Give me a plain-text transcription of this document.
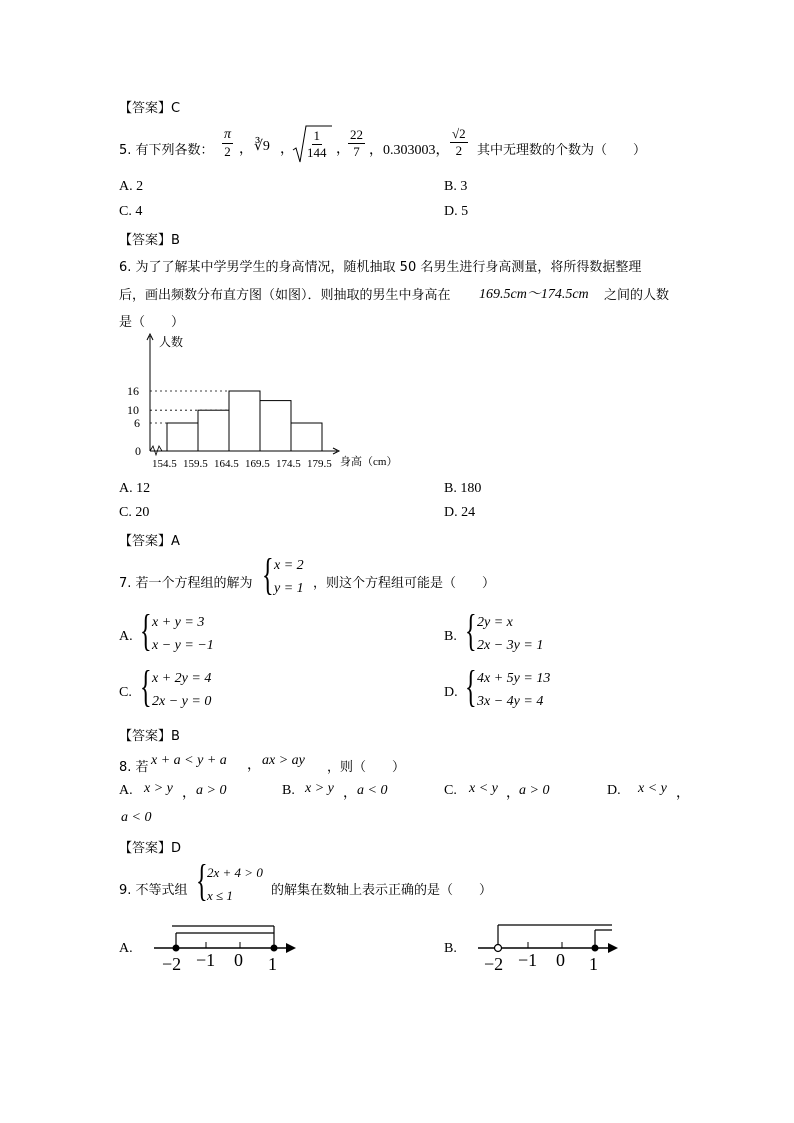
【答案】C
5. 有下列各数： $\frac{\pi}{2}$ ， ∛9 ， $\frac{1}{144}$ ，
$\frac{22}{7}$ ，0.303003， $\frac{√2}{2}$ 其中无理数的个数为（　　）
A. 2	B. 3
C. 4	D. 5
【答案】B
6. 为了了解某中学男学生的身高情况，随机抽取 50 名男生进行身高测量，将所得数据整理
后，画出频数分布直方图（如图）．则抽取的男生中身高在 169.5cm～174.5cm 之间的人数
是（　　）
人数
身高（cm）
0
6
10
16
154.5 159.5 164.5 169.5 174.5 179.5
A. 12	B. 180
C. 20	D. 24
【答案】A
7. 若一个方程组的解为 { x = 2
y = 1 ，则这个方程组可能是（　　）
A. { x + y = 3
x − y = −1
B. { 2y = x
2x − 3y = 1
C. { x + 2y = 4
2x − y = 0
D. { 4x + 5y = 13
3x − 4y = 4
【答案】B
8. 若 x + a < y + a ， ax > ay ，则（　　）
A. x > y ， a > 0	B. x > y ， a < 0	C. x < y ， a > 0	D. x < y ，
a < 0
【答案】D
9. 不等式组 { 2x + 4 > 0
x ≤ 1	的解集在数轴上表示正确的是（　　）
A.
−2 −1 0 1
B.
−2 −1 0 1
